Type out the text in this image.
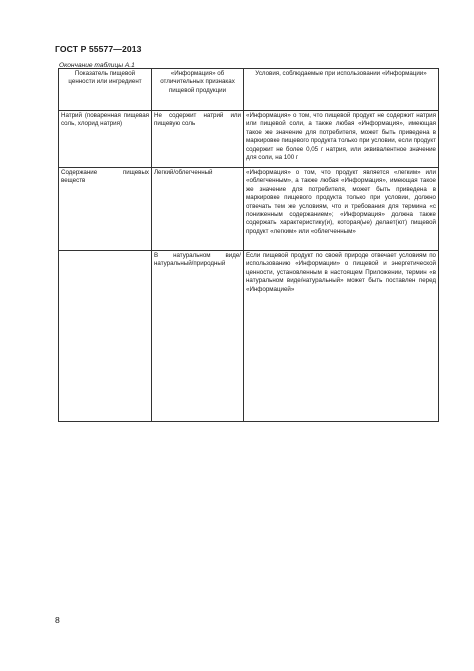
ГОСТ Р 55577—2013
Окончание таблицы А.1
Показатель пищевой ценности или ингредиент	«Информация» об отличительных признаках пищевой продукции	Условия, соблюдаемые при использовании «Информации»
Натрий (поваренная пищевая соль, хлорид натрия)	Не содержит натрий или пищевую соль	«Информация» о том, что пищевой продукт не содержит натрия или пищевой соли, а также любая «Информация», имеющая такое же значение для потребителя, может быть приведена в маркировке пищевого продукта только при условии, если продукт содержит не более 0,05 г натрия, или эквивалентное значение для соли, на 100 г
Содержание пищевых веществ	Легкий/облегченный	«Информация» о том, что продукт является «легким» или «облегченным», а также любая «Информация», имеющая такое же значение для потребителя, может быть приведена в маркировке пищевого продукта только при условии, должно отвечать тем же условиям, что и требования для термина «с пониженным содержанием»; «Информация» должна также содержать характеристику(и), которая(ые) делает(ют) пищевой продукт «легким» или «облегченным»
	В натуральном виде/натуральный/природный	Если пищевой продукт по своей природе отвечает условиям по использованию «Информации» о пищевой и энергетической ценности, установленным в настоящем Приложении, термин «в натуральном виде/натуральный» может быть поставлен перед «Информацией»
8
